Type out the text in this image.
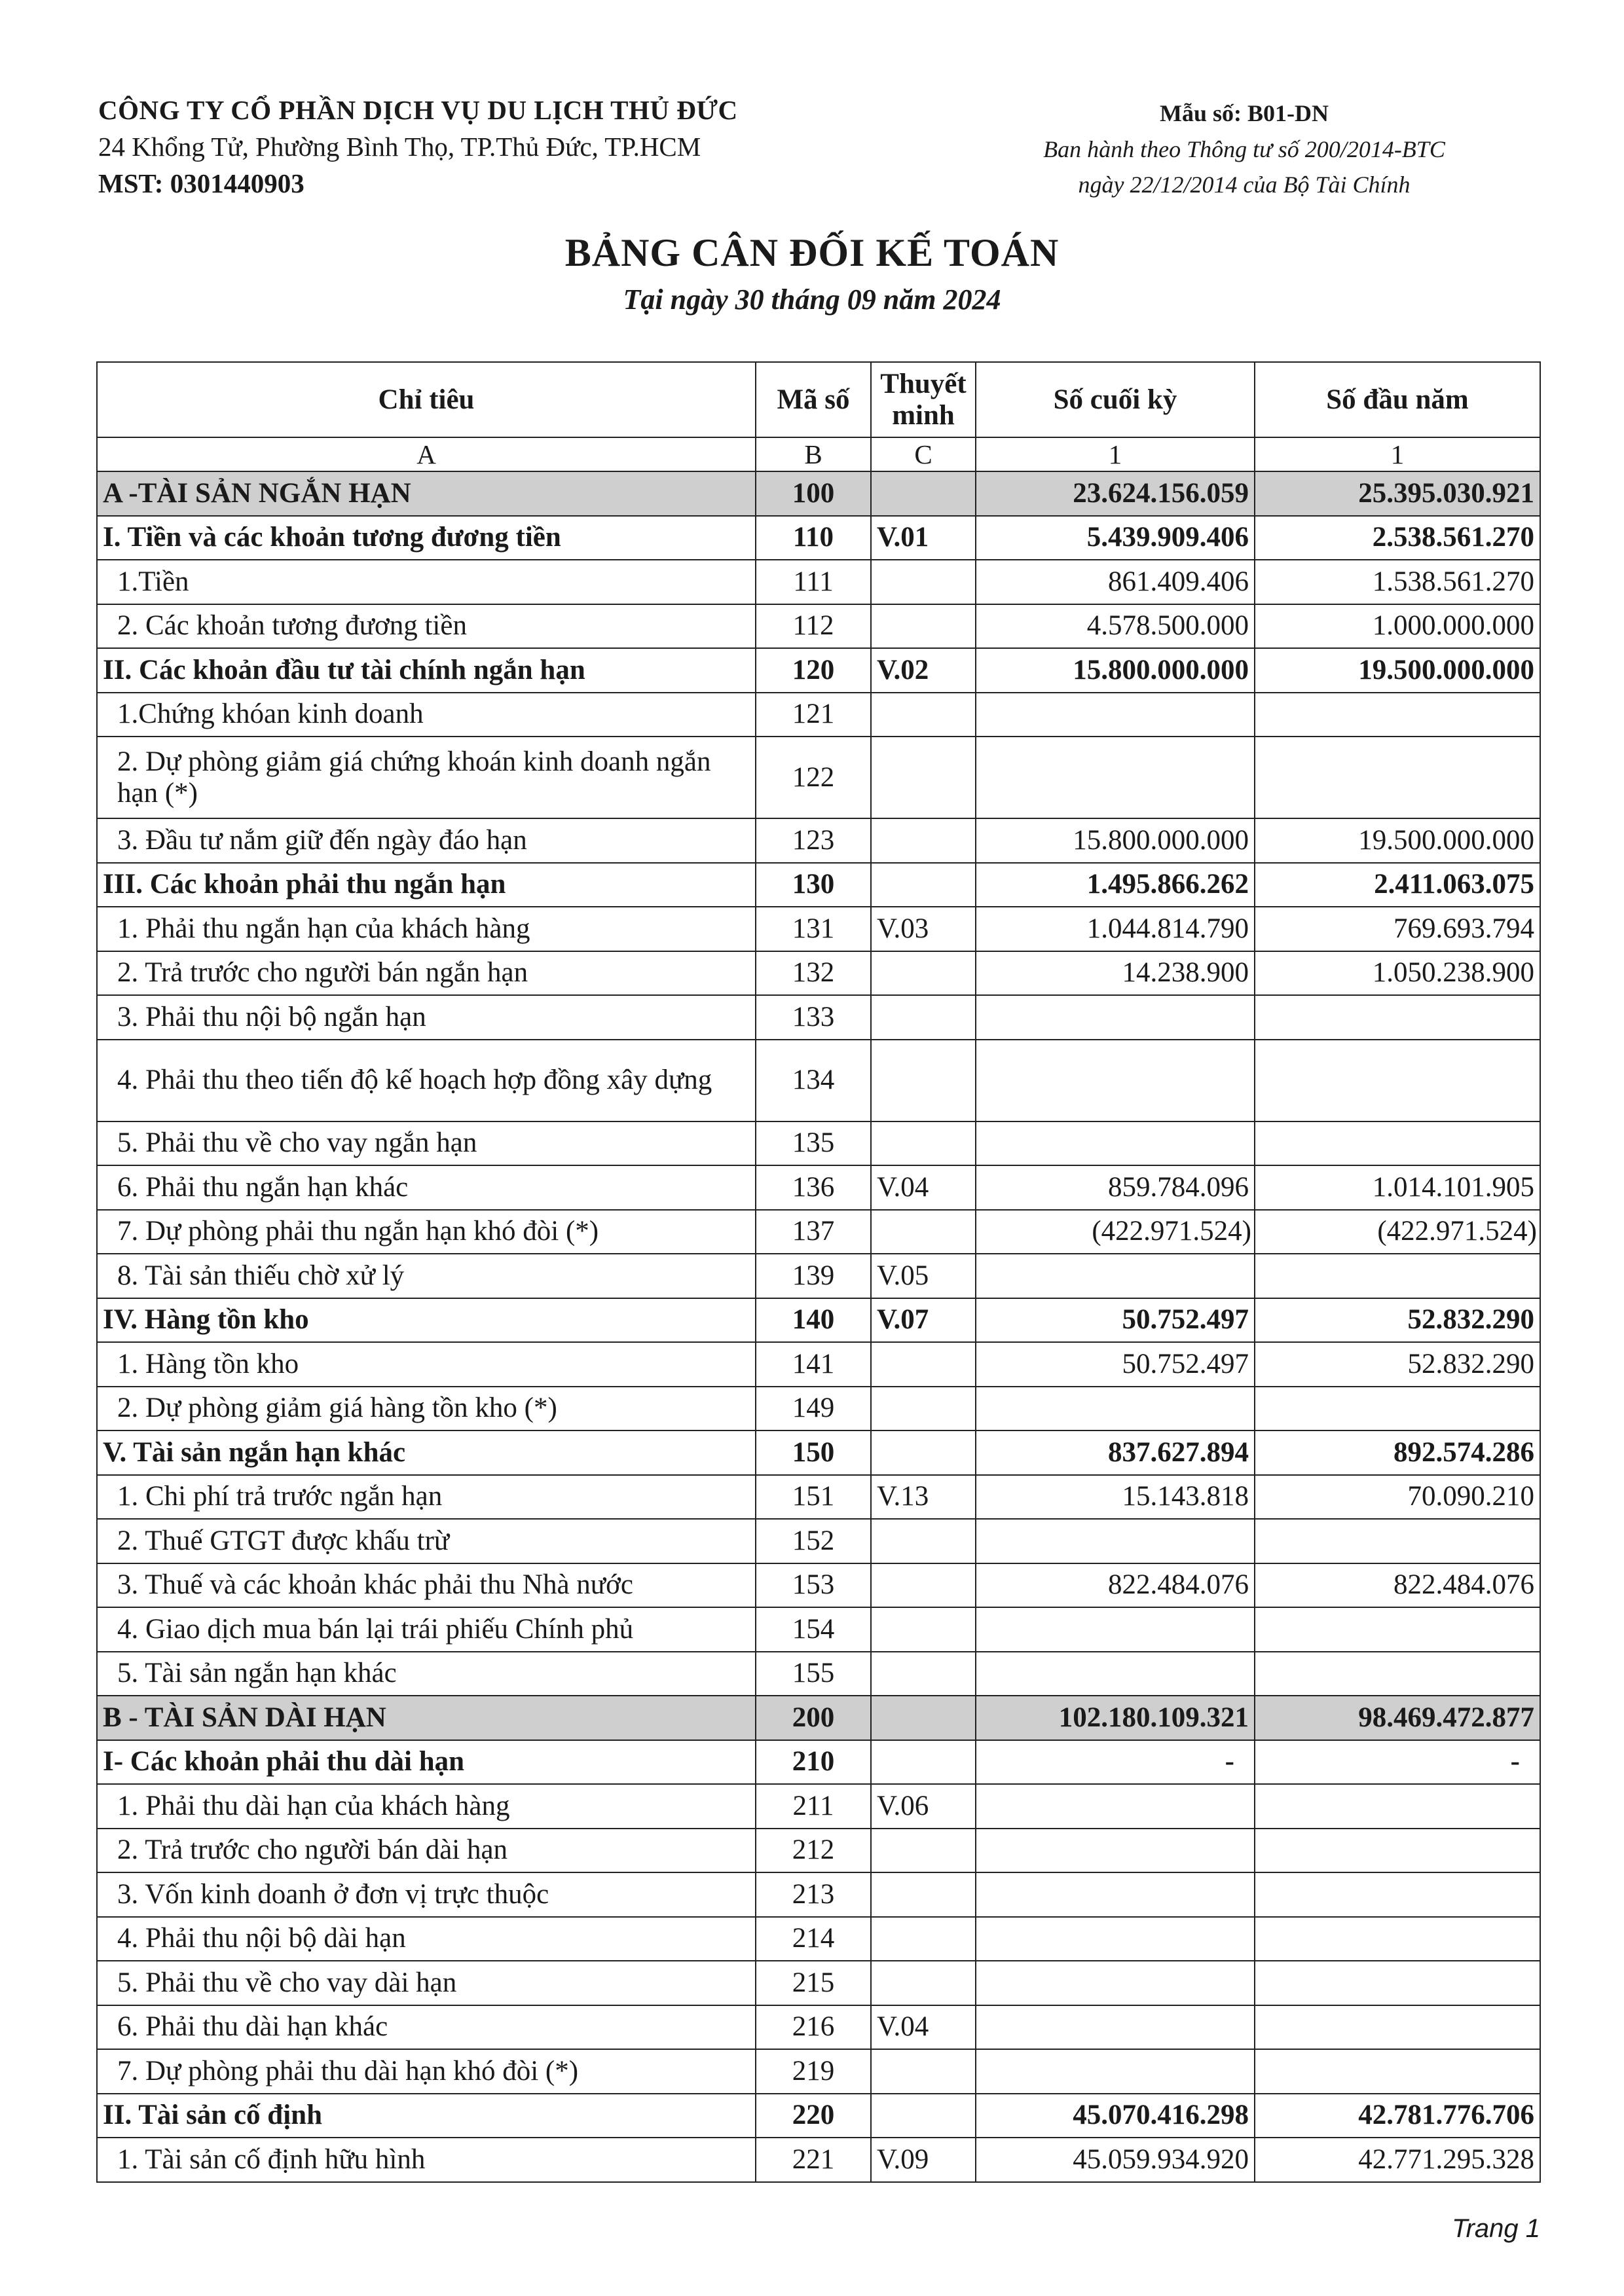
CÔNG TY CỔ PHẦN DỊCH VỤ DU LỊCH THỦ ĐỨC
24 Khổng Tử, Phường Bình Thọ, TP.Thủ Đức, TP.HCM
MST: 0301440903
Mẫu số: B01-DN
Ban hành theo Thông tư số 200/2014-BTC
ngày 22/12/2014 của Bộ Tài Chính
BẢNG CÂN ĐỐI KẾ TOÁN
Tại ngày 30 tháng 09 năm 2024
Chỉ tiêu	Mã số	Thuyết minh	Số cuối kỳ	Số đầu năm
A	B	C	1	1
A -TÀI SẢN NGẮN HẠN	100		23.624.156.059	25.395.030.921
I. Tiền và các khoản tương đương tiền	110	V.01	5.439.909.406	2.538.561.270
1.Tiền	111		861.409.406	1.538.561.270
2. Các khoản tương đương tiền	112		4.578.500.000	1.000.000.000
II. Các khoản đầu tư tài chính ngắn hạn	120	V.02	15.800.000.000	19.500.000.000
1.Chứng khóan kinh doanh	121			
2. Dự phòng giảm giá chứng khoán kinh doanh ngắn hạn (*)	122			
3. Đầu tư nắm giữ đến ngày đáo hạn	123		15.800.000.000	19.500.000.000
III. Các khoản phải thu ngắn hạn	130		1.495.866.262	2.411.063.075
1. Phải thu ngắn hạn của khách hàng	131	V.03	1.044.814.790	769.693.794
2. Trả trước cho người bán ngắn hạn	132		14.238.900	1.050.238.900
3. Phải thu nội bộ ngắn hạn	133			
4. Phải thu theo tiến độ kế hoạch hợp đồng xây dựng	134			
5. Phải thu về cho vay ngắn hạn	135			
6. Phải thu ngắn hạn khác	136	V.04	859.784.096	1.014.101.905
7. Dự phòng phải thu ngắn hạn khó đòi (*)	137		(422.971.524)	(422.971.524)
8. Tài sản thiếu chờ xử lý	139	V.05		
IV. Hàng tồn kho	140	V.07	50.752.497	52.832.290
1. Hàng tồn kho	141		50.752.497	52.832.290
2. Dự phòng giảm giá hàng tồn kho (*)	149			
V. Tài sản ngắn hạn khác	150		837.627.894	892.574.286
1. Chi phí trả trước ngắn hạn	151	V.13	15.143.818	70.090.210
2. Thuế GTGT được khấu trừ	152			
3. Thuế và các khoản khác phải thu Nhà nước	153		822.484.076	822.484.076
4. Giao dịch mua bán lại trái phiếu Chính phủ	154			
5. Tài sản ngắn hạn khác	155			
B - TÀI SẢN DÀI HẠN	200		102.180.109.321	98.469.472.877
I- Các khoản phải thu dài hạn	210		-	-
1. Phải thu dài hạn của khách hàng	211	V.06		
2. Trả trước cho người bán dài hạn	212			
3. Vốn kinh doanh ở đơn vị trực thuộc	213			
4. Phải thu nội bộ dài hạn	214			
5. Phải thu về cho vay dài hạn	215			
6. Phải thu dài hạn khác	216	V.04		
7. Dự phòng phải thu dài hạn khó đòi (*)	219			
II. Tài sản cố định	220		45.070.416.298	42.781.776.706
1. Tài sản cố định hữu hình	221	V.09	45.059.934.920	42.771.295.328
Trang 1
